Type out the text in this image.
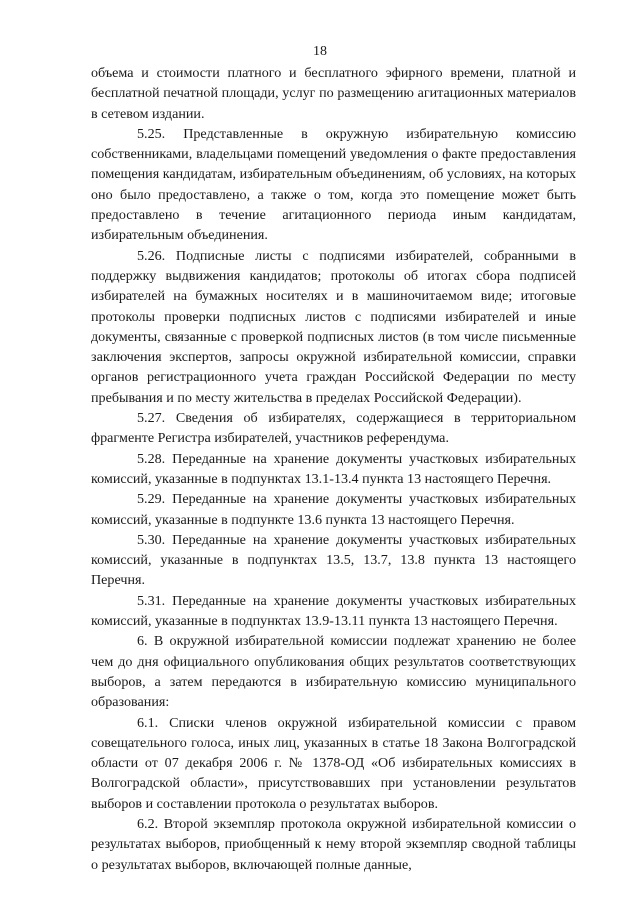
18

объема и стоимости платного и бесплатного эфирного времени, платной и бесплатной печатной площади, услуг по размещению агитационных материалов в сетевом издании.

5.25. Представленные в окружную избирательную комиссию собственниками, владельцами помещений уведомления о факте предоставления помещения кандидатам, избирательным объединениям, об условиях, на которых оно было предоставлено, а также о том, когда это помещение может быть предоставлено в течение агитационного периода иным кандидатам, избирательным объединения.

5.26. Подписные листы с подписями избирателей, собранными в поддержку выдвижения кандидатов; протоколы об итогах сбора подписей избирателей на бумажных носителях и в машиночитаемом виде; итоговые протоколы проверки подписных листов с подписями избирателей и иные документы, связанные с проверкой подписных листов (в том числе письменные заключения экспертов, запросы окружной избирательной комиссии, справки органов регистрационного учета граждан Российской Федерации по месту пребывания и по месту жительства в пределах Российской Федерации).

5.27. Сведения об избирателях, содержащиеся в территориальном фрагменте Регистра избирателей, участников референдума.

5.28. Переданные на хранение документы участковых избирательных комиссий, указанные в подпунктах 13.1-13.4 пункта 13 настоящего Перечня.

5.29. Переданные на хранение документы участковых избирательных комиссий, указанные в подпункте 13.6 пункта 13 настоящего Перечня.

5.30. Переданные на хранение документы участковых избирательных комиссий, указанные в подпунктах 13.5, 13.7, 13.8 пункта 13 настоящего Перечня.

5.31. Переданные на хранение документы участковых избирательных комиссий, указанные в подпунктах 13.9-13.11 пункта 13 настоящего Перечня.

6. В окружной избирательной комиссии подлежат хранению не более чем до дня официального опубликования общих результатов соответствующих выборов, а затем передаются в избирательную комиссию муниципального образования:

6.1. Списки членов окружной избирательной комиссии с правом совещательного голоса, иных лиц, указанных в статье 18 Закона Волгоградской области от 07 декабря 2006 г. № 1378-ОД «Об избирательных комиссиях в Волгоградской области», присутствовавших при установлении результатов выборов и составлении протокола о результатах выборов.

6.2. Второй экземпляр протокола окружной избирательной комиссии о результатах выборов, приобщенный к нему второй экземпляр сводной таблицы о результатах выборов, включающей полные данные,
